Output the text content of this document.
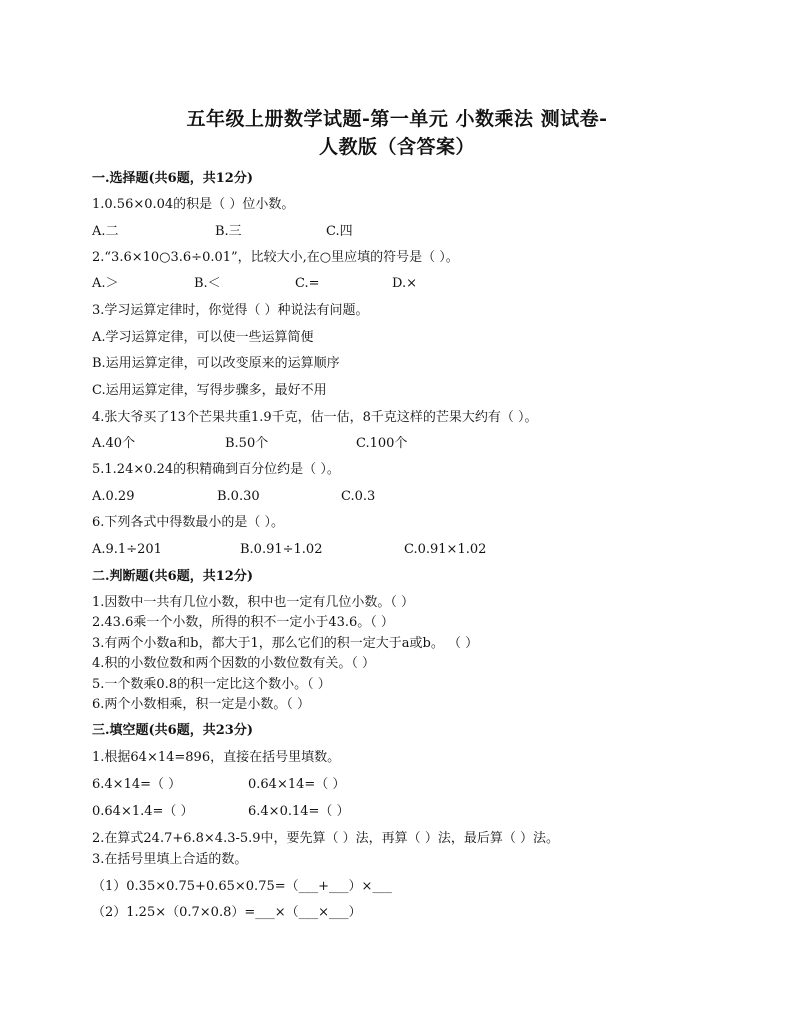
五年级上册数学试题-第一单元 小数乘法 测试卷-
人教版（含答案）
一.选择题(共6题，共12分)
1.0.56×0.04的积是（ ）位小数。
A.二	B.三	C.四
2.“3.6×10○3.6÷0.01”，比较大小,在○里应填的符号是（ ）。
A.＞	B.＜	C.=	D.×
3.学习运算定律时，你觉得（ ）种说法有问题。
A.学习运算定律，可以使一些运算简便
B.运用运算定律，可以改变原来的运算顺序
C.运用运算定律，写得步骤多，最好不用
4.张大爷买了13个芒果共重1.9千克，估一估，8千克这样的芒果大约有（ ）。
A.40个	B.50个	C.100个
5.1.24×0.24的积精确到百分位约是（ ）。
A.0.29	B.0.30	C.0.3
6.下列各式中得数最小的是（ ）。
A.9.1÷201	B.0.91÷1.02	C.0.91×1.02
二.判断题(共6题，共12分)
1.因数中一共有几位小数，积中也一定有几位小数。（ ）
2.43.6乘一个小数，所得的积不一定小于43.6。（ ）
3.有两个小数a和b，都大于1，那么它们的积一定大于a或b。 （ ）
4.积的小数位数和两个因数的小数位数有关。（ ）
5.一个数乘0.8的积一定比这个数小。（ ）
6.两个小数相乘，积一定是小数。（ ）
三.填空题(共6题，共23分)
1.根据64×14=896，直接在括号里填数。
6.4×14=（ ）	0.64×14=（ ）
0.64×1.4=（ ）	6.4×0.14=（ ）
2.在算式24.7+6.8×4.3-5.9中，要先算（ ）法，再算（ ）法，最后算（ ）法。
3.在括号里填上合适的数。
（1）0.35×0.75+0.65×0.75=（___+___）×___
（2）1.25×（0.7×0.8）=___×（___×___）
